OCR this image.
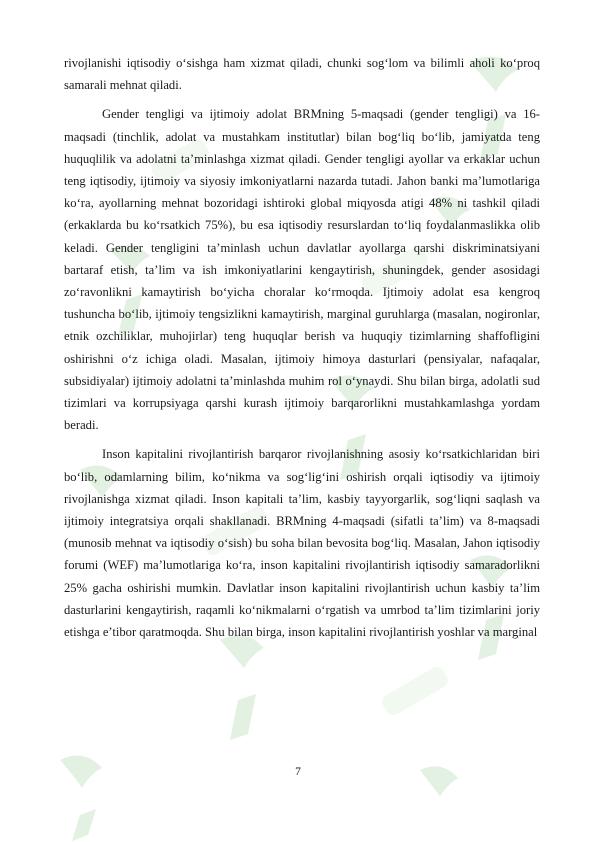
rivojlanishi iqtisodiy o‘sishga ham xizmat qiladi, chunki sog‘lom va bilimli aholi ko‘proq samarali mehnat qiladi.

Gender tengligi va ijtimoiy adolat BRMning 5-maqsadi (gender tengligi) va 16-maqsadi (tinchlik, adolat va mustahkam institutlar) bilan bog‘liq bo‘lib, jamiyatda teng huquqlilik va adolatni ta’minlashga xizmat qiladi. Gender tengligi ayollar va erkaklar uchun teng iqtisodiy, ijtimoiy va siyosiy imkoniyatlarni nazarda tutadi. Jahon banki ma’lumotlariga ko‘ra, ayollarning mehnat bozoridagi ishtiroki global miqyosda atigi 48% ni tashkil qiladi (erkaklarda bu ko‘rsatkich 75%), bu esa iqtisodiy resurslardan to‘liq foydalanmaslikka olib keladi. Gender tengligini ta’minlash uchun davlatlar ayollarga qarshi diskriminatsiyani bartaraf etish, ta’lim va ish imkoniyatlarini kengaytirish, shuningdek, gender asosidagi zo‘ravonlikni kamaytirish bo‘yicha choralar ko‘rmoqda. Ijtimoiy adolat esa kengroq tushuncha bo‘lib, ijtimoiy tengsizlikni kamaytirish, marginal guruhlarga (masalan, nogironlar, etnik ozchiliklar, muhojirlar) teng huquqlar berish va huquqiy tizimlarning shaffofligini oshirishni o‘z ichiga oladi. Masalan, ijtimoiy himoya dasturlari (pensiyalar, nafaqalar, subsidiyalar) ijtimoiy adolatni ta’minlashda muhim rol o‘ynaydi. Shu bilan birga, adolatli sud tizimlari va korrupsiyaga qarshi kurash ijtimoiy barqarorlikni mustahkamlashga yordam beradi.

Inson kapitalini rivojlantirish barqaror rivojlanishning asosiy ko‘rsatkichlaridan biri bo‘lib, odamlarning bilim, ko‘nikma va sog‘lig‘ini oshirish orqali iqtisodiy va ijtimoiy rivojlanishga xizmat qiladi. Inson kapitali ta’lim, kasbiy tayyorgarlik, sog‘liqni saqlash va ijtimoiy integratsiya orqali shakllanadi. BRMning 4-maqsadi (sifatli ta’lim) va 8-maqsadi (munosib mehnat va iqtisodiy o‘sish) bu soha bilan bevosita bog‘liq. Masalan, Jahon iqtisodiy forumi (WEF) ma’lumotlariga ko‘ra, inson kapitalini rivojlantirish iqtisodiy samaradorlikni 25% gacha oshirishi mumkin. Davlatlar inson kapitalini rivojlantirish uchun kasbiy ta’lim dasturlarini kengaytirish, raqamli ko‘nikmalarni o‘rgatish va umrbod ta’lim tizimlarini joriy etishga e’tibor qaratmoqda. Shu bilan birga, inson kapitalini rivojlantirish yoshlar va marginal

7
